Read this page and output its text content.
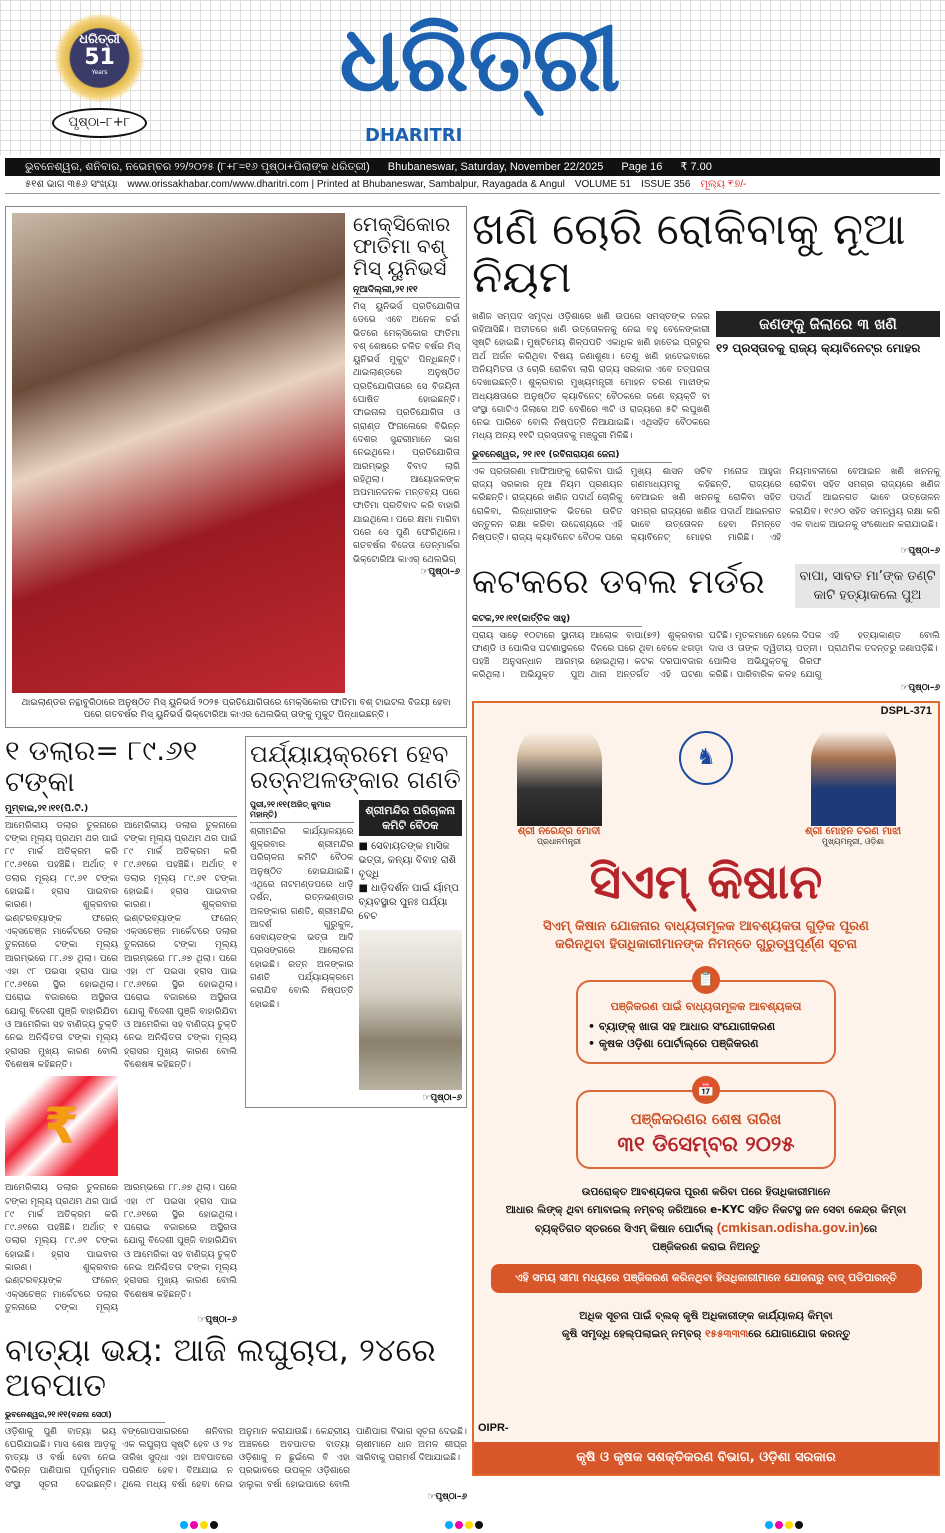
ଧରିତ୍ରୀ
51
Years
ପୃଷ୍ଠା–୮+୮
ଧରିତ୍ରୀ
DHARITRI
ଭୁବନେଶ୍ୱର, ଶନିବାର, ନଭେମ୍ବର ୨୨/୨୦୨୫ (୮+୮=୧୬ ପୃଷ୍ଠା+ପିଲାଙ୍କ ଧରିତ୍ରୀ) Bhubaneswar, Saturday, November 22/2025 Page 16 ₹ 7.00
୫୧ଶ ଭାଗ ୩୫୬ ସଂଖ୍ୟା www.orissakhabar.com/www.dharitri.com | Printed at Bhubaneswar, Sambalpur, Rayagada & Angul VOLUME 51 ISSUE 356 ମୂଲ୍ୟ ₹୭/-
ମେକ୍ସିକୋର ଫାତିମା ବଶ୍ ମିସ୍ ୟୁନିଭର୍ସ
ନୂଆଦିଲ୍ଲୀ,୨୧।୧୧
ମିସ୍ ୟୁନିଭର୍ସ ପ୍ରତିଯୋଗିତା ଡେଭେ ଏବେ ଅନେକ ଚର୍ଚ୍ଚା ଭିତରେ ମେକ୍ସିକୋର ଫାତିମା ବଶ୍ ଶେଷରେ ଚଳିତ ବର୍ଷର ମିସ୍ ୟୁନିଭର୍ସ ମୁକୁଟ ପିନ୍ଧିଛନ୍ତି। ଥାଇଲାଣ୍ଡରେ ଅନୁଷ୍ଠିତ ପ୍ରତିଯୋଗିତାରେ ସେ ବିଜୟିନୀ ଘୋଷିତ ହୋଇଛନ୍ତି। ଫାଇନାଲ ପ୍ରତିଯୋଗିତା ଓ ଗ୍ରାଣ୍ଡ ଫିନାଲେରେ ବିଭିନ୍ନ ଦେଶର ସୁନ୍ଦରୀମାନେ ଭାଗ ନେଇଥିଲେ। ପ୍ରତିଯୋଗିତା ଆରମ୍ଭରୁ ବିବାଦ ଲାଗି ରହିଥିଲା। ଆୟୋଜକଙ୍କ ଅପମାନଜନକ ମନ୍ତବ୍ୟ ପରେ ଫାତିମା ପ୍ରତିବାଦ କରି ବାହାରି ଯାଇଥିଲେ। ପରେ କ୍ଷମା ମାଗିବା ପରେ ସେ ପୁଣି ଫେରିଥିଲେ। ଗତବର୍ଷର ବିଜେତା ଡେନ୍ମାର୍କର ଭିକ୍ଟୋରିଆ କାଏର୍ ଥେଲଭିଗ୍
☞ପୃଷ୍ଠା–୬
ଥାଇଲାଣ୍ଡର ନନ୍ଥାବୁରିଠାରେ ଅନୁଷ୍ଠିତ ମିସ୍ ୟୁନିଭର୍ସ ୨୦୨୫ ପ୍ରତିଯୋଗିତାରେ ମେକ୍ସିକୋର ଫାତିମା ବଶ୍ ଟାଇଟଲ ବିଜୟୀ ହେବା ପରେ ଗତବର୍ଷର ମିସ୍ ୟୁନିଭର୍ସ ଭିକ୍ଟୋରିଆ କାଏର ଥେଲଭିଗ୍ ତାଙ୍କୁ ମୁକୁଟ ପିନ୍ଧାଇଛନ୍ତି।
୧ ଡଲାର= ୮୯.୬୧ ଟଙ୍କା
ମୁମ୍ବାଇ,୨୧।୧୧(ପି.ଟି.)
ଆମେରିକୀୟ ଡଲାର ତୁଳନାରେ ଟଙ୍କା ମୂଲ୍ୟ ପ୍ରଥମ ଥର ପାଇଁ ୮୯ ମାର୍କ ଅତିକ୍ରମ କରି ୮୯.୬୧ରେ ପହଞ୍ଚିଛି। ଅର୍ଥାତ୍ ୧ ଡଲାର ମୂଲ୍ୟ ୮୯.୬୧ ଟଙ୍କା ହୋଇଛି। ହ୍ରାସ ପାଇବାର କାରଣ। ଶୁକ୍ରବାର ଇଣ୍ଟରବ୍ୟାଙ୍କ ଫରେନ୍ ଏକ୍ସଚେଞ୍ଜ ମାର୍କେଟରେ ଡଲାର ତୁଳନାରେ ଟଙ୍କା ମୂଲ୍ୟ ଆରମ୍ଭରେ ୮୮.୬୭ ଥିଲା। ପରେ ଏହା ୯୮ ପଇସା ହ୍ରାସ ପାଇ ୮୯.୬୧ରେ ସ୍ଥିର ହୋଇଥିଲା। ଘରୋଇ ବଜାରରେ ଅସ୍ଥିରତା ଯୋଗୁ ବିଦେଶୀ ପୁଞ୍ଜି ବାହାରିଯିବା ଓ ଆମେରିକା ସହ ବାଣିଜ୍ୟ ଚୁକ୍ତି ନେଇ ଅନିଶ୍ଚିତତା ଟଙ୍କା ମୂଲ୍ୟ ହ୍ରାସର ମୁଖ୍ୟ କାରଣ ବୋଲି ବିଶେଷଜ୍ଞ କହିଛନ୍ତି।
₹
ଆମେରିକୀୟ ଡଲାର ତୁଳନାରେ ଟଙ୍କା ମୂଲ୍ୟ ପ୍ରଥମ ଥର ପାଇଁ ୮୯ ମାର୍କ ଅତିକ୍ରମ କରି ୮୯.୬୧ରେ ପହଞ୍ଚିଛି। ଅର୍ଥାତ୍ ୧ ଡଲାର ମୂଲ୍ୟ ୮୯.୬୧ ଟଙ୍କା ହୋଇଛି। ହ୍ରାସ ପାଇବାର କାରଣ। ଶୁକ୍ରବାର ଇଣ୍ଟରବ୍ୟାଙ୍କ ଫରେନ୍ ଏକ୍ସଚେଞ୍ଜ ମାର୍କେଟରେ ଡଲାର ତୁଳନାରେ ଟଙ୍କା ମୂଲ୍ୟ ଆରମ୍ଭରେ ୮୮.୬୭ ଥିଲା। ପରେ ଏହା ୯୮ ପଇସା ହ୍ରାସ ପାଇ ୮୯.୬୧ରେ ସ୍ଥିର ହୋଇଥିଲା। ଘରୋଇ ବଜାରରେ ଅସ୍ଥିରତା ଯୋଗୁ ବିଦେଶୀ ପୁଞ୍ଜି ବାହାରିଯିବା ଓ ଆମେରିକା ସହ ବାଣିଜ୍ୟ ଚୁକ୍ତି ନେଇ ଅନିଶ୍ଚିତତା ଟଙ୍କା ମୂଲ୍ୟ ହ୍ରାସର ମୁଖ୍ୟ କାରଣ ବୋଲି ବିଶେଷଜ୍ଞ କହିଛନ୍ତି।
ଆମେରିକୀୟ ଡଲାର ତୁଳନାରେ ଟଙ୍କା ମୂଲ୍ୟ ପ୍ରଥମ ଥର ପାଇଁ ୮୯ ମାର୍କ ଅତିକ୍ରମ କରି ୮୯.୬୧ରେ ପହଞ୍ଚିଛି। ଅର୍ଥାତ୍ ୧ ଡଲାର ମୂଲ୍ୟ ୮୯.୬୧ ଟଙ୍କା ହୋଇଛି। ହ୍ରାସ ପାଇବାର କାରଣ। ଶୁକ୍ରବାର ଇଣ୍ଟରବ୍ୟାଙ୍କ ଫରେନ୍ ଏକ୍ସଚେଞ୍ଜ ମାର୍କେଟରେ ଡଲାର ତୁଳନାରେ ଟଙ୍କା ମୂଲ୍ୟ ଆରମ୍ଭରେ ୮୮.୬୭ ଥିଲା। ପରେ ଏହା ୯୮ ପଇସା ହ୍ରାସ ପାଇ ୮୯.୬୧ରେ ସ୍ଥିର ହୋଇଥିଲା। ଘରୋଇ ବଜାରରେ ଅସ୍ଥିରତା ଯୋଗୁ ବିଦେଶୀ ପୁଞ୍ଜି ବାହାରିଯିବା ଓ ଆମେରିକା ସହ ବାଣିଜ୍ୟ ଚୁକ୍ତି ନେଇ ଅନିଶ୍ଚିତତା ଟଙ୍କା ମୂଲ୍ୟ ହ୍ରାସର ମୁଖ୍ୟ କାରଣ ବୋଲି ବିଶେଷଜ୍ଞ କହିଛନ୍ତି।
☞ପୃଷ୍ଠା–୬
ପର୍ଯ୍ୟାୟକ୍ରମେ ହେବ ରତ୍ନଅଳଙ୍କାର ଗଣତି
ପୁରୀ,୨୧।୧୧(ଅଜିତ୍ କୁମାର ମହାନ୍ତି)
ଶ୍ରୀମନ୍ଦିର କାର୍ଯ୍ୟାଳୟରେ ଶୁକ୍ରବାର ଶ୍ରୀମନ୍ଦିର ପରିଚାଳନା କମିଟି ବୈଠକ ଅନୁଷ୍ଠିତ ହୋଇଯାଇଛି। ଏଥିରେ ନାଟମଣ୍ଡପରେ ଧାଡ଼ି ଦର୍ଶନ, ରତ୍ନଭଣ୍ଡାର ଅଳଙ୍କାର ଗଣତି, ଶ୍ରୀମନ୍ଦିର ଆଦର୍ଶ ଗୁରୁକୁଳ, ସେବାୟତଙ୍କ ଭତ୍ତା ଆଦି ପ୍ରସଙ୍ଗରେ ଆଲୋଚନା ହୋଇଛି। ରତ୍ନ ଅଳଙ୍କାର ଗଣତି ପର୍ଯ୍ୟାୟକ୍ରମେ କରାଯିବ ବୋଲି ନିଷ୍ପତ୍ତି ହୋଇଛି।
ଶ୍ରୀମନ୍ଦିର ପରିଚାଳନା କମିଟି ବୈଠକ
■ ସେବାୟତଙ୍କ ମାସିକ ଭତ୍ତା, କନ୍ୟା ବିବାହ ରାଶି ବୃଦ୍ଧି
■ ଧାଡ଼ିଦର୍ଶନ ପାଇଁ ର୍ୟାମ୍ପ ବ୍ୟବସ୍ଥାର ପୁନଃ ପର୍ଯ୍ୟା ବେଚ
☞ପୃଷ୍ଠା–୬
ବାତ୍ୟା ଭୟ: ଆଜି ଲଘୁଚାପ, ୨୪ରେ ଅବପାତ
ଭୁବନେଶ୍ୱର,୨୧।୧୧(ବନ୍ଦନା ସେଠୀ)
ଓଡ଼ିଶାକୁ ପୁଣି ବାତ୍ୟା ଭୟ ଘେରିଯାଇଛି। ମାସ ଶେଷ ଆଡ଼କୁ ବାତ୍ୟା ଓ ବର୍ଷା ହେବା ନେଇ ବିଭିନ୍ନ ପାଣିପାଗ ପୂର୍ବାନୁମାନ ସଂସ୍ଥା ସୂଚନା ଦେଇଛନ୍ତି। ବଙ୍ଗୋପସାଗରରେ ଶନିବାର ଏକ ଲଘୁଚାପ ସୃଷ୍ଟି ହେବ ଓ ୨୪ ତାରିଖ ସୁଦ୍ଧା ଏହା ଅବପାତରେ ପରିଣତ ହେବ। ବିଆଯାଇ ନ ଥିଲେ ମଧ୍ୟ ବର୍ଷା ହେବା ନେଇ ଅନୁମାନ କରାଯାଉଛି। କେନ୍ଦ୍ରୀୟ ଅଞ୍ଚଳରେ ଅବପାତର ବାତ୍ୟା ଓଡ଼ିଶାକୁ ନ ଛୁଇଁଲେ ବି ଏହା ପ୍ରଭାବରେ ଉପକୂଳ ଓଡ଼ିଶାରେ ହାଲୁକା ବର୍ଷା ହୋଇପାରେ ବୋଲି ପାଣିପାଗ ବିଭାଗ ସୂଚନା ଦେଇଛି। ଚାଷୀମାନେ ଧାନ ଅମଳ ଶୀଘ୍ର ସାରିବାକୁ ପରାମର୍ଶ ଦିଆଯାଇଛି।
☞ପୃଷ୍ଠା–୬
ଖଣି ଚୋରି ରୋକିବାକୁ ନୂଆ ନିୟମ
ଖଣିଜ ସମ୍ପଦ ସମୃଦ୍ଧ ଓଡ଼ିଶାରେ ଖଣି ଉପରେ ସମସ୍ତଙ୍କ ନଜର ରହିଆସିଛି। ଅତୀତରେ ଖଣି ଉତ୍ତୋଳନକୁ ନେଇ ବହୁ ବେଳେଙ୍କାରୀ ସୃଷ୍ଟି ହୋଇଛି। ମୁଷ୍ଟିମେୟ ଶିଳ୍ପପତି ଏକାଧିକ ଖଣି ହାତେଇ ପ୍ରଚୁର ଅର୍ଥ ଅର୍ଜନ କରିଥିବା ବିଷୟ ଜଣାଶୁଣା। ତେଣୁ ଖଣି ହାତେଇବାରେ ଅନିୟମିତତା ଓ ଚୋରି ରୋକିବା ଲାଗି ରାଜ୍ୟ ସରକାର ଏବେ ତତ୍ପରତା ଦେଖାଇଛନ୍ତି। ଶୁକ୍ରବାର ମୁଖ୍ୟମନ୍ତ୍ରୀ ମୋହନ ଚରଣ ମାଝୀଙ୍କ ଅଧ୍ୟକ୍ଷତାରେ ଅନୁଷ୍ଠିତ କ୍ୟାବିନେଟ୍ ବୈଠକରେ ଜଣେ ବ୍ୟକ୍ତି ବା ସଂସ୍ଥା ଗୋଟିଏ ଜିଲାରେ ଅତି ବେଶିରେ ୩ଟି ଓ ରାଜ୍ୟରେ ୫ଟି ଲଘୁଖଣି ନେଇ ପାରିବେ ବୋଲି ନିଷ୍ପତ୍ତି ନିଆଯାଇଛି। ଏଥିସହିତ ବୈଠକରେ ମଧ୍ୟ ଅନ୍ୟ ୧୧ଟି ପ୍ରସ୍ତାବକୁ ମଞ୍ଜୁରୀ ମିଳିଛି।
ଜଣଙ୍କୁ ଜିଲାରେ ୩ ଖଣି
୧୨ ପ୍ରସ୍ତାବକୁ ରାଜ୍ୟ କ୍ୟାବିନେଟ୍‌ର ମୋହର
ଭୁବନେଶ୍ୱର, ୨୧।୧୧ (ରବିନାରାୟଣ ଜେନା)
ଏକ ପ୍ରତାରଣା ମାଫିଆଙ୍କୁ ରୋକିବା ପାଇଁ ରାଜ୍ୟ ସରକାର ନୂଆ ନିୟମ ପ୍ରଣୟନ କରିଛନ୍ତି। ରାଜ୍ୟରେ ଖଣିଜ ପଦାର୍ଥ ଚୋରିକୁ ରୋକିବା, ଲିଜ୍ଧାରୀଙ୍କ ଭିତରେ ଉଚିତ ସନ୍ତୁଳନ ରକ୍ଷା କରିବା ଉଦ୍ଦେଶ୍ୟରେ ଏହି ନିଷ୍ପତ୍ତି। ରାଜ୍ୟ କ୍ୟାବିନେଟ ବୈଠକ ପରେ ମୁଖ୍ୟ ଶାସନ ସଚିବ ମନୋଜ ଆହୁଜା ଗଣମାଧ୍ୟମକୁ କହିଛନ୍ତି, ରାଜ୍ୟରେ ବେଆଇନ ଖଣି ଖନନକୁ ରୋକିବା ସହିତ ସମଗ୍ର ରାଜ୍ୟରେ ଖଣିଜ ପଦାର୍ଥ ଆଇନଗତ ଭାବେ ଉତ୍ତୋଳନ ହେବା ନିମନ୍ତେ କ୍ୟାବିନେଟ୍ ମୋହର ମାରିଛି। ଏହି ନିୟମାବଳୀରେ ବେଆଇନ ଖଣି ଖନନକୁ ରୋକିବା ସହିତ ସମଗ୍ର ରାଜ୍ୟରେ ଖଣିଜ ପଦାର୍ଥ ଆଇନଗତ ଭାବେ ଉତ୍ତୋଳନ କରାଯିବ। ୧୯୬୦ ସହିତ ସମନ୍ୱୟ ରକ୍ଷା କରି ଏକ ବାଧକ ଆଇନକୁ ସଂଶୋଧନ କରାଯାଇଛି।
☞ପୃଷ୍ଠା–୬
କଟକରେ ଡବଲ ମର୍ଡର	ବାପା, ସାବତ ମା’ଙ୍କ ତଣ୍ଟି କାଟି ହତ୍ୟାକଲେ ପୁଅ
କଟକ,୨୧।୧୧(କାର୍ତ୍ତିକ ସାହୁ)
ପ୍ରାୟ ସାଢ଼େ ୧୦ଟାରେ ସ୍ଥାନୀୟ ଫାଣ୍ଡି ଓ ପୋଲିସ ଘଟଣାସ୍ଥଳରେ ପହଞ୍ଚି ଅନୁସନ୍ଧାନ ଆରମ୍ଭ କରିଥିଲା। ଅଭିଯୁକ୍ତ ପୁଅ ଆଲୋକ ବାପା(୭୨) ଶୁକ୍ରବାର ଦିନରେ ଘରେ ଥିବା ବେଳେ ଝଗଡ଼ା ହୋଇଥିଲା। କଟକ ଦରଘାବଜାର ଥାନା ଅନ୍ତର୍ଗତ ଏହି ଘଟଣା ଘଟିଛି। ମୃତକମାନେ ହେଲେ ଦିପକ ଦାସ ଓ ତାଙ୍କ ଦ୍ୱିତୀୟ ପତ୍ନୀ। ପୋଲିସ ଅଭିଯୁକ୍ତକୁ ଗିରଫ କରିଛି। ପାରିବାରିକ କଳହ ଯୋଗୁ ଏହି ହତ୍ୟାକାଣ୍ଡ ବୋଲି ପ୍ରାଥମିକ ତଦନ୍ତରୁ ଜଣାପଡ଼ିଛି।
☞ପୃଷ୍ଠା–୬
DSPL-371
ଶ୍ରୀ ନରେନ୍ଦ୍ର ମୋଦୀ
ପ୍ରଧାନମନ୍ତ୍ରୀ
♞
ଶ୍ରୀ ମୋହନ ଚରଣ ମାଝୀ
ମୁଖ୍ୟମନ୍ତ୍ରୀ, ଓଡ଼ିଶା
ସିଏମ୍ କିଷାନ
ସିଏମ୍ କିଷାନ ଯୋଜନାର ବାଧ୍ୟତାମୂଳକ ଆବଶ୍ୟକତା ଗୁଡ଼ିକ ପୂରଣ
କରିନଥିବା ହିତାଧିକାରୀମାନଙ୍କ ନିମନ୍ତେ ଗୁରୁତ୍ୱପୂର୍ଣ୍ଣ ସୂଚନା
📋
ପଞ୍ଜିକରଣ ପାଇଁ ବାଧ୍ୟତାମୂଳକ ଆବଶ୍ୟକତା
• ବ୍ୟାଙ୍କ୍ ଖାତା ସହ ଆଧାର ସଂଯୋଗୀକରଣ
• କୃଷକ ଓଡ଼ିଶା ପୋର୍ଟାଲ୍‌ରେ ପଞ୍ଜିକରଣ
📅
ପଞ୍ଜିକରଣର ଶେଷ ତାରିଖ
୩୧ ଡିସେମ୍ବର ୨୦୨୫
ଉପରୋକ୍ତ ଆବଶ୍ୟକତା ପୂରଣ କରିବା ପରେ ହିତାଧିକାରୀମାନେ
ଆଧାର ଲିଙ୍କ୍ ଥିବା ମୋବାଇଲ୍ ନମ୍ବର୍ ଜରିଆରେ e-KYC ସହିତ ନିକଟସ୍ଥ ଜନ ସେବା କେନ୍ଦ୍ର କିମ୍ବା
ବ୍ୟକ୍ତିଗତ ସ୍ତରରେ ସିଏମ୍ କିଷାନ ପୋର୍ଟାଲ୍ (cmkisan.odisha.gov.in)ରେ
ପଞ୍ଜିକରଣ କରାଇ ନିଅନ୍ତୁ
ଏହି ସମୟ ସୀମା ମଧ୍ୟରେ ପଞ୍ଜିକରଣ କରିନଥିବା ହିତାଧିକାରୀମାନେ ଯୋଜନାରୁ ବାଦ୍ ପଡିପାରନ୍ତି
ଅଧିକ ସୂଚନା ପାଇଁ ବ୍ଲକ୍ କୃଷି ଅଧିକାରୀଙ୍କ କାର୍ଯ୍ୟାଳୟ କିମ୍ବା
କୃଷି ସମୃଦ୍ଧି ହେଲ୍ପଲାଇନ୍ ନମ୍ବର୍ ୧୫୫୩୩୩ରେ ଯୋଗାଯୋଗ କରନ୍ତୁ
OIPR-
କୃଷି ଓ କୃଷକ ସଶକ୍ତିକରଣ ବିଭାଗ, ଓଡ଼ିଶା ସରକାର
